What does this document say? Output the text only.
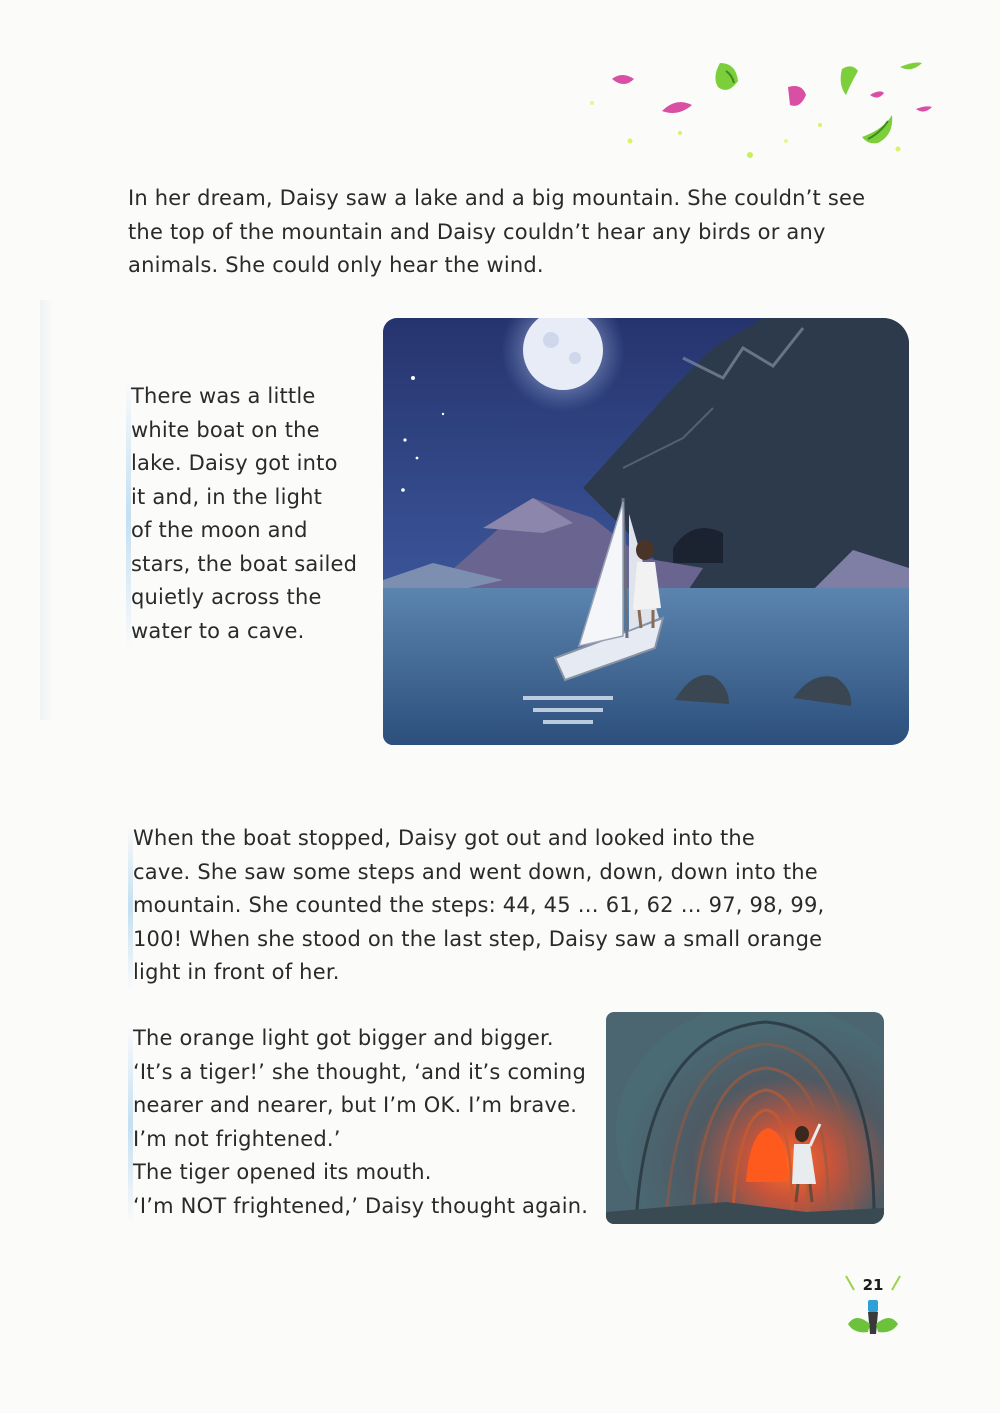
In her dream, Daisy saw a lake and a big mountain. She couldn’t see
the top of the mountain and Daisy couldn’t hear any birds or any
animals. She could only hear the wind.

There was a little
white boat on the
lake. Daisy got into
it and, in the light
of the moon and
stars, the boat sailed
quietly across the
water to a cave.

When the boat stopped, Daisy got out and looked into the
cave. She saw some steps and went down, down, down into the
mountain. She counted the steps: 44, 45 … 61, 62 … 97, 98, 99,
100! When she stood on the last step, Daisy saw a small orange
light in front of her.

The orange light got bigger and bigger.
‘It’s a tiger!’ she thought, ‘and it’s coming
nearer and nearer, but I’m OK. I’m brave.
I’m not frightened.’
The tiger opened its mouth.
‘I’m NOT frightened,’ Daisy thought again.

21
